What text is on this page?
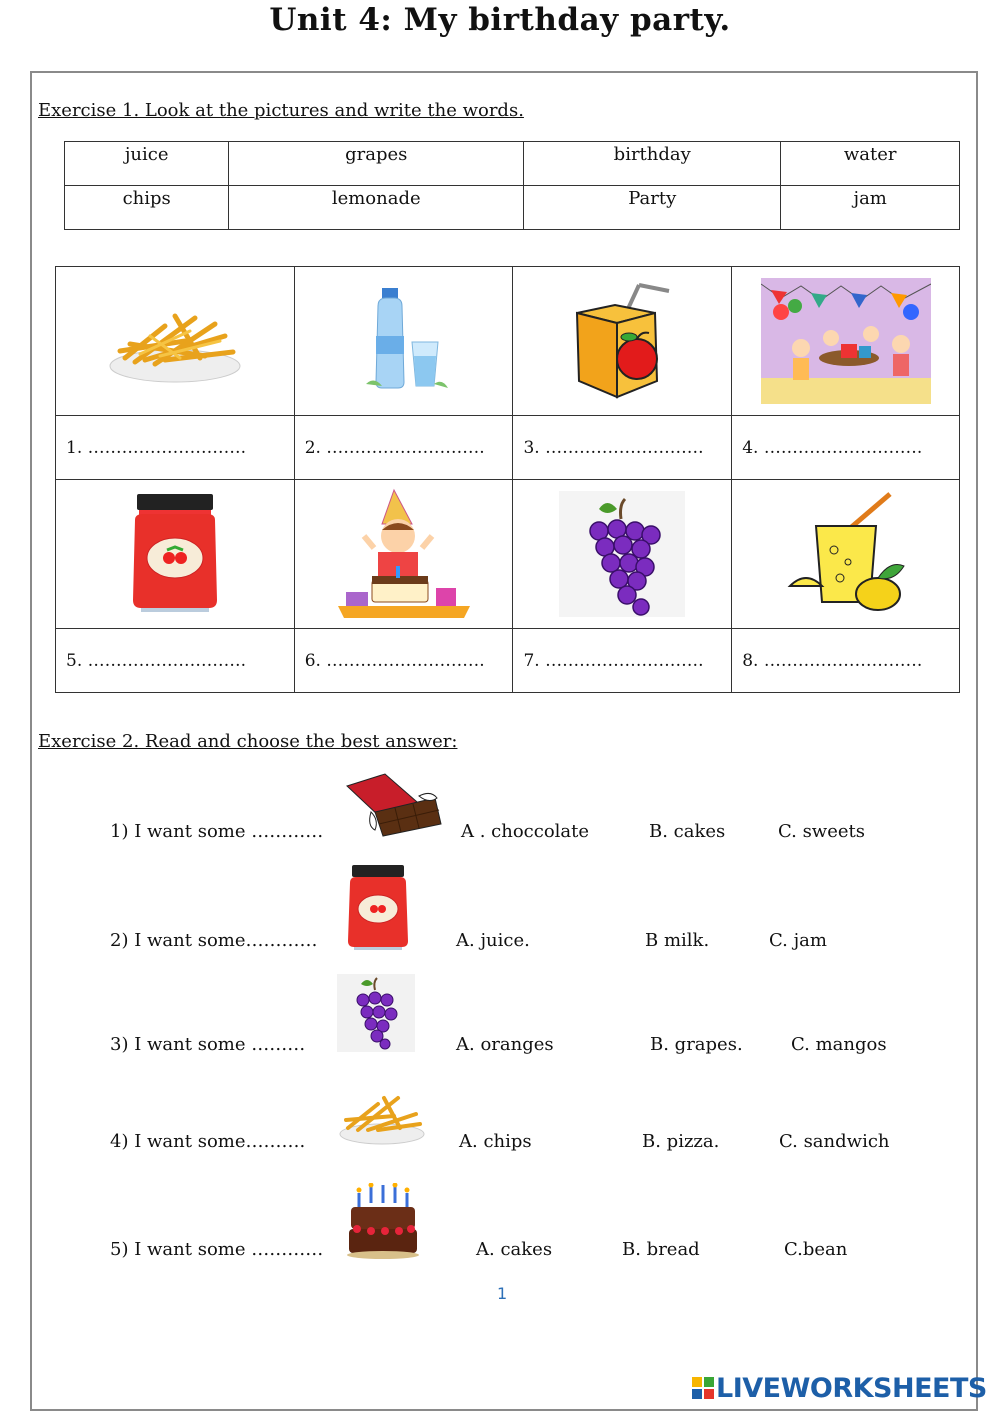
Unit 4: My birthday party.
Exercise 1. Look at the pictures and write the words.
juice	grapes	birthday	water
chips	lemonade	Party	jam

1. ……………………….	2. ……………………….	3. ……………………….	4. ……………………….

5. ……………………….	6. ……………………….	7. ……………………….	8. ……………………….
Exercise 2. Read and choose the best answer:
1) I want some …………	A . choccolate	B. cakes	C. sweets
2) I want some…………	A. juice.	B milk.	C. jam
3) I want some ………	A. oranges	B. grapes.	C. mangos
4) I want some……….	A. chips	B. pizza.	C. sandwich
5) I want some …………	A. cakes	B. bread	C.bean
1
LIVEWORKSHEETS
